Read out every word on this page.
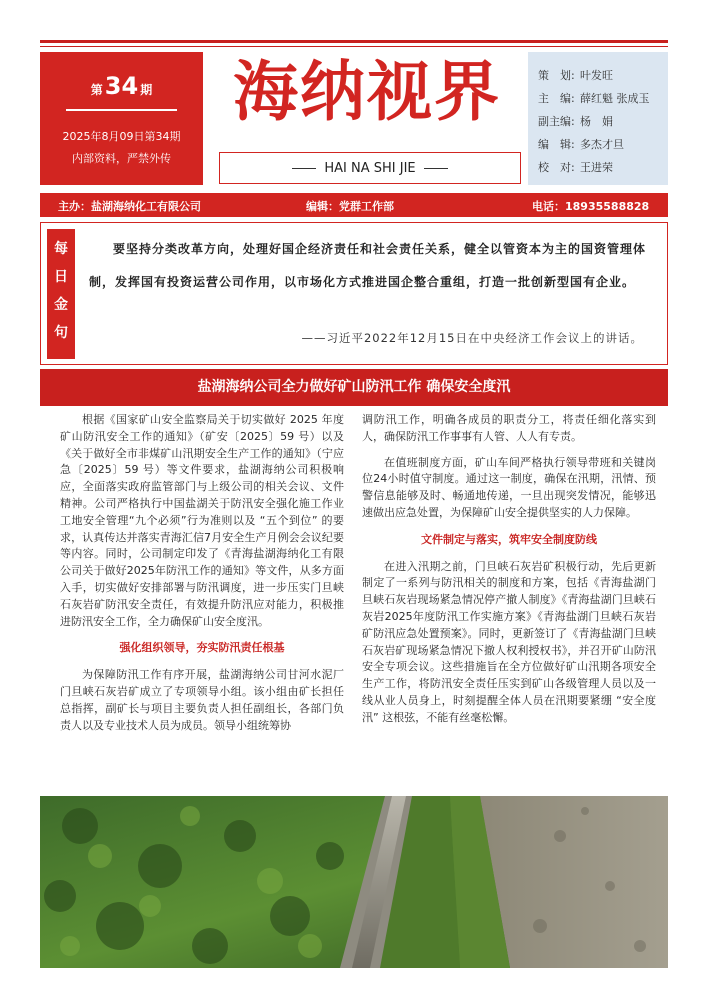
第34 期
2025年8月09日第34期
内部资料，严禁外传
海纳视界
HAI NA SHI JIE
策　划: 叶发旺
主　编: 薛红魁 张成玉
副主编: 杨　娟
编　辑: 多杰才旦
校　对: 王进荣
主办：盐湖海纳化工有限公司	编辑：党群工作部	电话：18935588828
每
日
金
句
要坚持分类改革方向，处理好国企经济责任和社会责任关系，健全以管资本为主的国资管理体制，发挥国有投资运营公司作用，以市场化方式推进国企整合重组，打造一批创新型国有企业。
——习近平2022年12月15日在中央经济工作会议上的讲话。
盐湖海纳公司全力做好矿山防汛工作 确保安全度汛

根据《国家矿山安全监察局关于切实做好 2025 年度矿山防汛安全工作的通知》（矿安〔2025〕59 号）以及《关于做好全市非煤矿山汛期安全生产工作的通知》（宁应急〔2025〕59 号）等文件要求，盐湖海纳公司积极响应，全面落实政府监管部门与上级公司的相关会议、文件精神。公司严格执行中国盐湖关于防汛安全强化施工作业工地安全管理“九个必须”行为准则以及 “五个到位” 的要求，认真传达并落实青海汇信7月安全生产月例会会议纪要等内容。同时，公司制定印发了《青海盐湖海纳化工有限公司关于做好2025年防汛工作的通知》等文件，从多方面入手，切实做好安排部署与防汛调度，进一步压实门旦峡石灰岩矿防汛安全责任，有效提升防汛应对能力，积极推进防汛安全工作，全力确保矿山安全度汛。

强化组织领导，夯实防汛责任根基

为保障防汛工作有序开展，盐湖海纳公司甘河水泥厂门旦峡石灰岩矿成立了专项领导小组。该小组由矿长担任总指挥，副矿长与项目主要负责人担任副组长，各部门负责人以及专业技术人员为成员。领导小组统筹协

调防汛工作，明确各成员的职责分工，将责任细化落实到人，确保防汛工作事事有人管、人人有专责。

在值班制度方面，矿山车间严格执行领导带班和关键岗位24小时值守制度。通过这一制度，确保在汛期，汛情、预警信息能够及时、畅通地传递，一旦出现突发情况，能够迅速做出应急处置，为保障矿山安全提供坚实的人力保障。

文件制定与落实，筑牢安全制度防线

在进入汛期之前，门旦峡石灰岩矿积极行动，先后更新制定了一系列与防汛相关的制度和方案，包括《青海盐湖门旦峡石灰岩现场紧急情况停产撤人制度》《青海盐湖门旦峡石灰岩2025年度防汛工作实施方案》《青海盐湖门旦峡石灰岩矿防汛应急处置预案》。同时，更新签订了《青海盐湖门旦峡石灰岩矿现场紧急情况下撤人权利授权书》，并召开矿山防汛安全专项会议。这些措施旨在全方位做好矿山汛期各项安全生产工作，将防汛安全责任压实到矿山各级管理人员以及一线从业人员身上，时刻提醒全体人员在汛期要紧绷 “安全度汛” 这根弦，不能有丝毫松懈。
